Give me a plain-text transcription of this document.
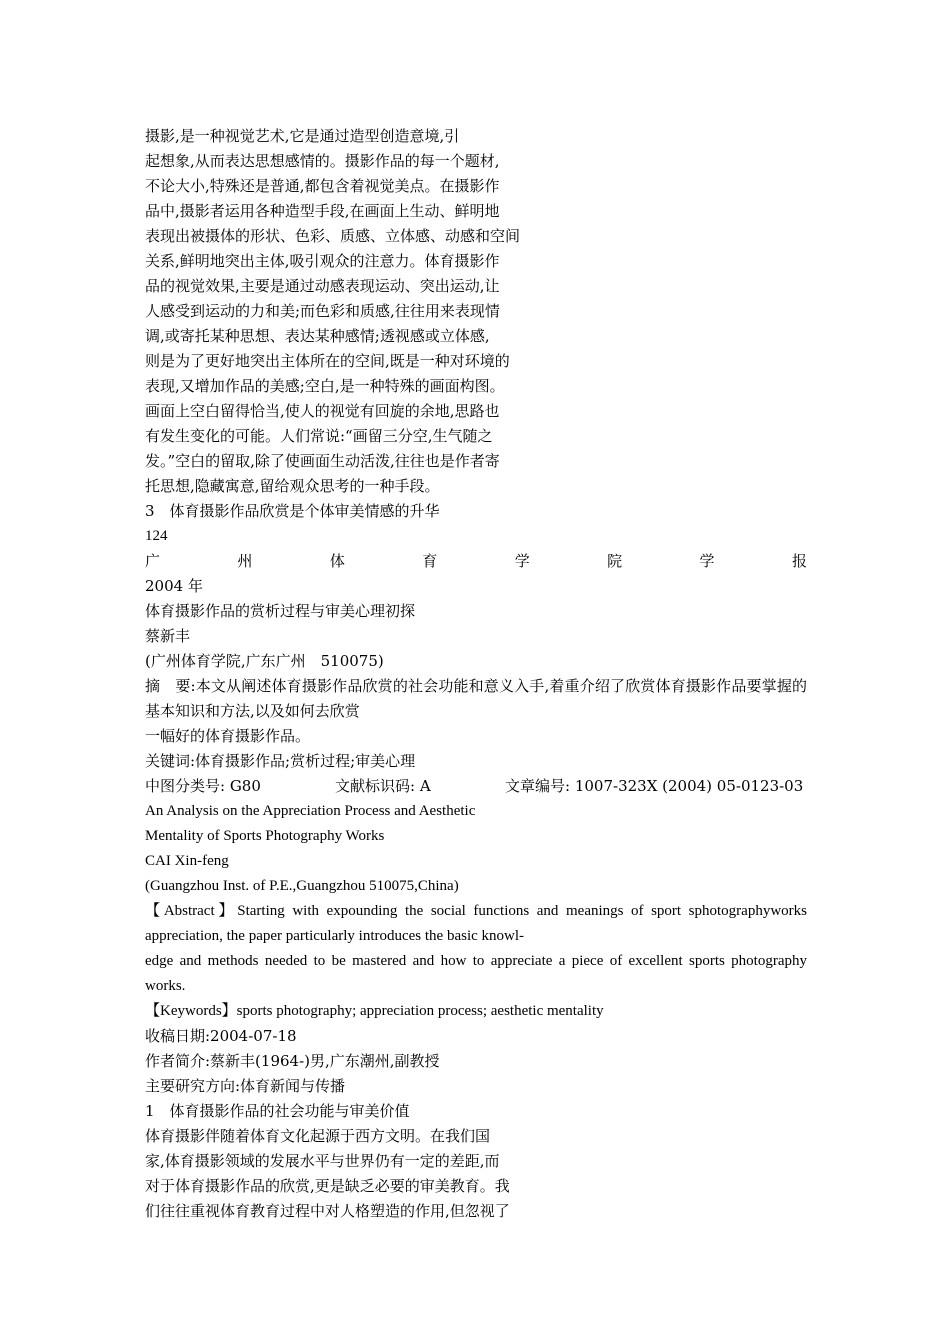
摄影,是一种视觉艺术,它是通过造型创造意境,引
起想象,从而表达思想感情的。摄影作品的每一个题材,
不论大小,特殊还是普通,都包含着视觉美点。在摄影作
品中,摄影者运用各种造型手段,在画面上生动、鲜明地
表现出被摄体的形状、色彩、质感、立体感、动感和空间
关系,鲜明地突出主体,吸引观众的注意力。体育摄影作
品的视觉效果,主要是通过动感表现运动、突出运动,让
人感受到运动的力和美;而色彩和质感,往往用来表现情
调,或寄托某种思想、表达某种感情;透视感或立体感,
则是为了更好地突出主体所在的空间,既是一种对环境的
表现,又增加作品的美感;空白,是一种特殊的画面构图。
画面上空白留得恰当,使人的视觉有回旋的余地,思路也
有发生变化的可能。人们常说:“画留三分空,生气随之
发。”空白的留取,除了使画面生动活泼,往往也是作者寄
托思想,隐藏寓意,留给观众思考的一种手段。
3　体育摄影作品欣赏是个体审美情感的升华
124
广	州	体	育	学	院	学	报
2004 年
体育摄影作品的赏析过程与审美心理初探
蔡新丰
(广州体育学院,广东广州　510075)
摘　要:本文从阐述体育摄影作品欣赏的社会功能和意义入手,着重介绍了欣赏体育摄影作品要掌握的基本知识和方法,以及如何去欣赏
一幅好的体育摄影作品。
关键词:体育摄影作品;赏析过程;审美心理
中图分类号: G80	文献标识码: A	文章编号: 1007-323X (2004) 05-0123-03
An Analysis on the Appreciation Process and Aesthetic
Mentality of Sports Photography Works
CAI Xin-feng
(Guangzhou Inst. of P.E.,Guangzhou 510075,China)
【Abstract】Starting with expounding the social functions and meanings of sport sphotographyworks appreciation, the paper particularly introduces the basic knowl-
edge and methods needed to be mastered and how to appreciate a piece of excellent sports photography works.
【Keywords】sports photography; appreciation process; aesthetic mentality
收稿日期:2004-07-18
作者简介:蔡新丰(1964-)男,广东潮州,副教授
主要研究方向:体育新闻与传播
1　体育摄影作品的社会功能与审美价值
体育摄影伴随着体育文化起源于西方文明。在我们国
家,体育摄影领域的发展水平与世界仍有一定的差距,而
对于体育摄影作品的欣赏,更是缺乏必要的审美教育。我
们往往重视体育教育过程中对人格塑造的作用,但忽视了
